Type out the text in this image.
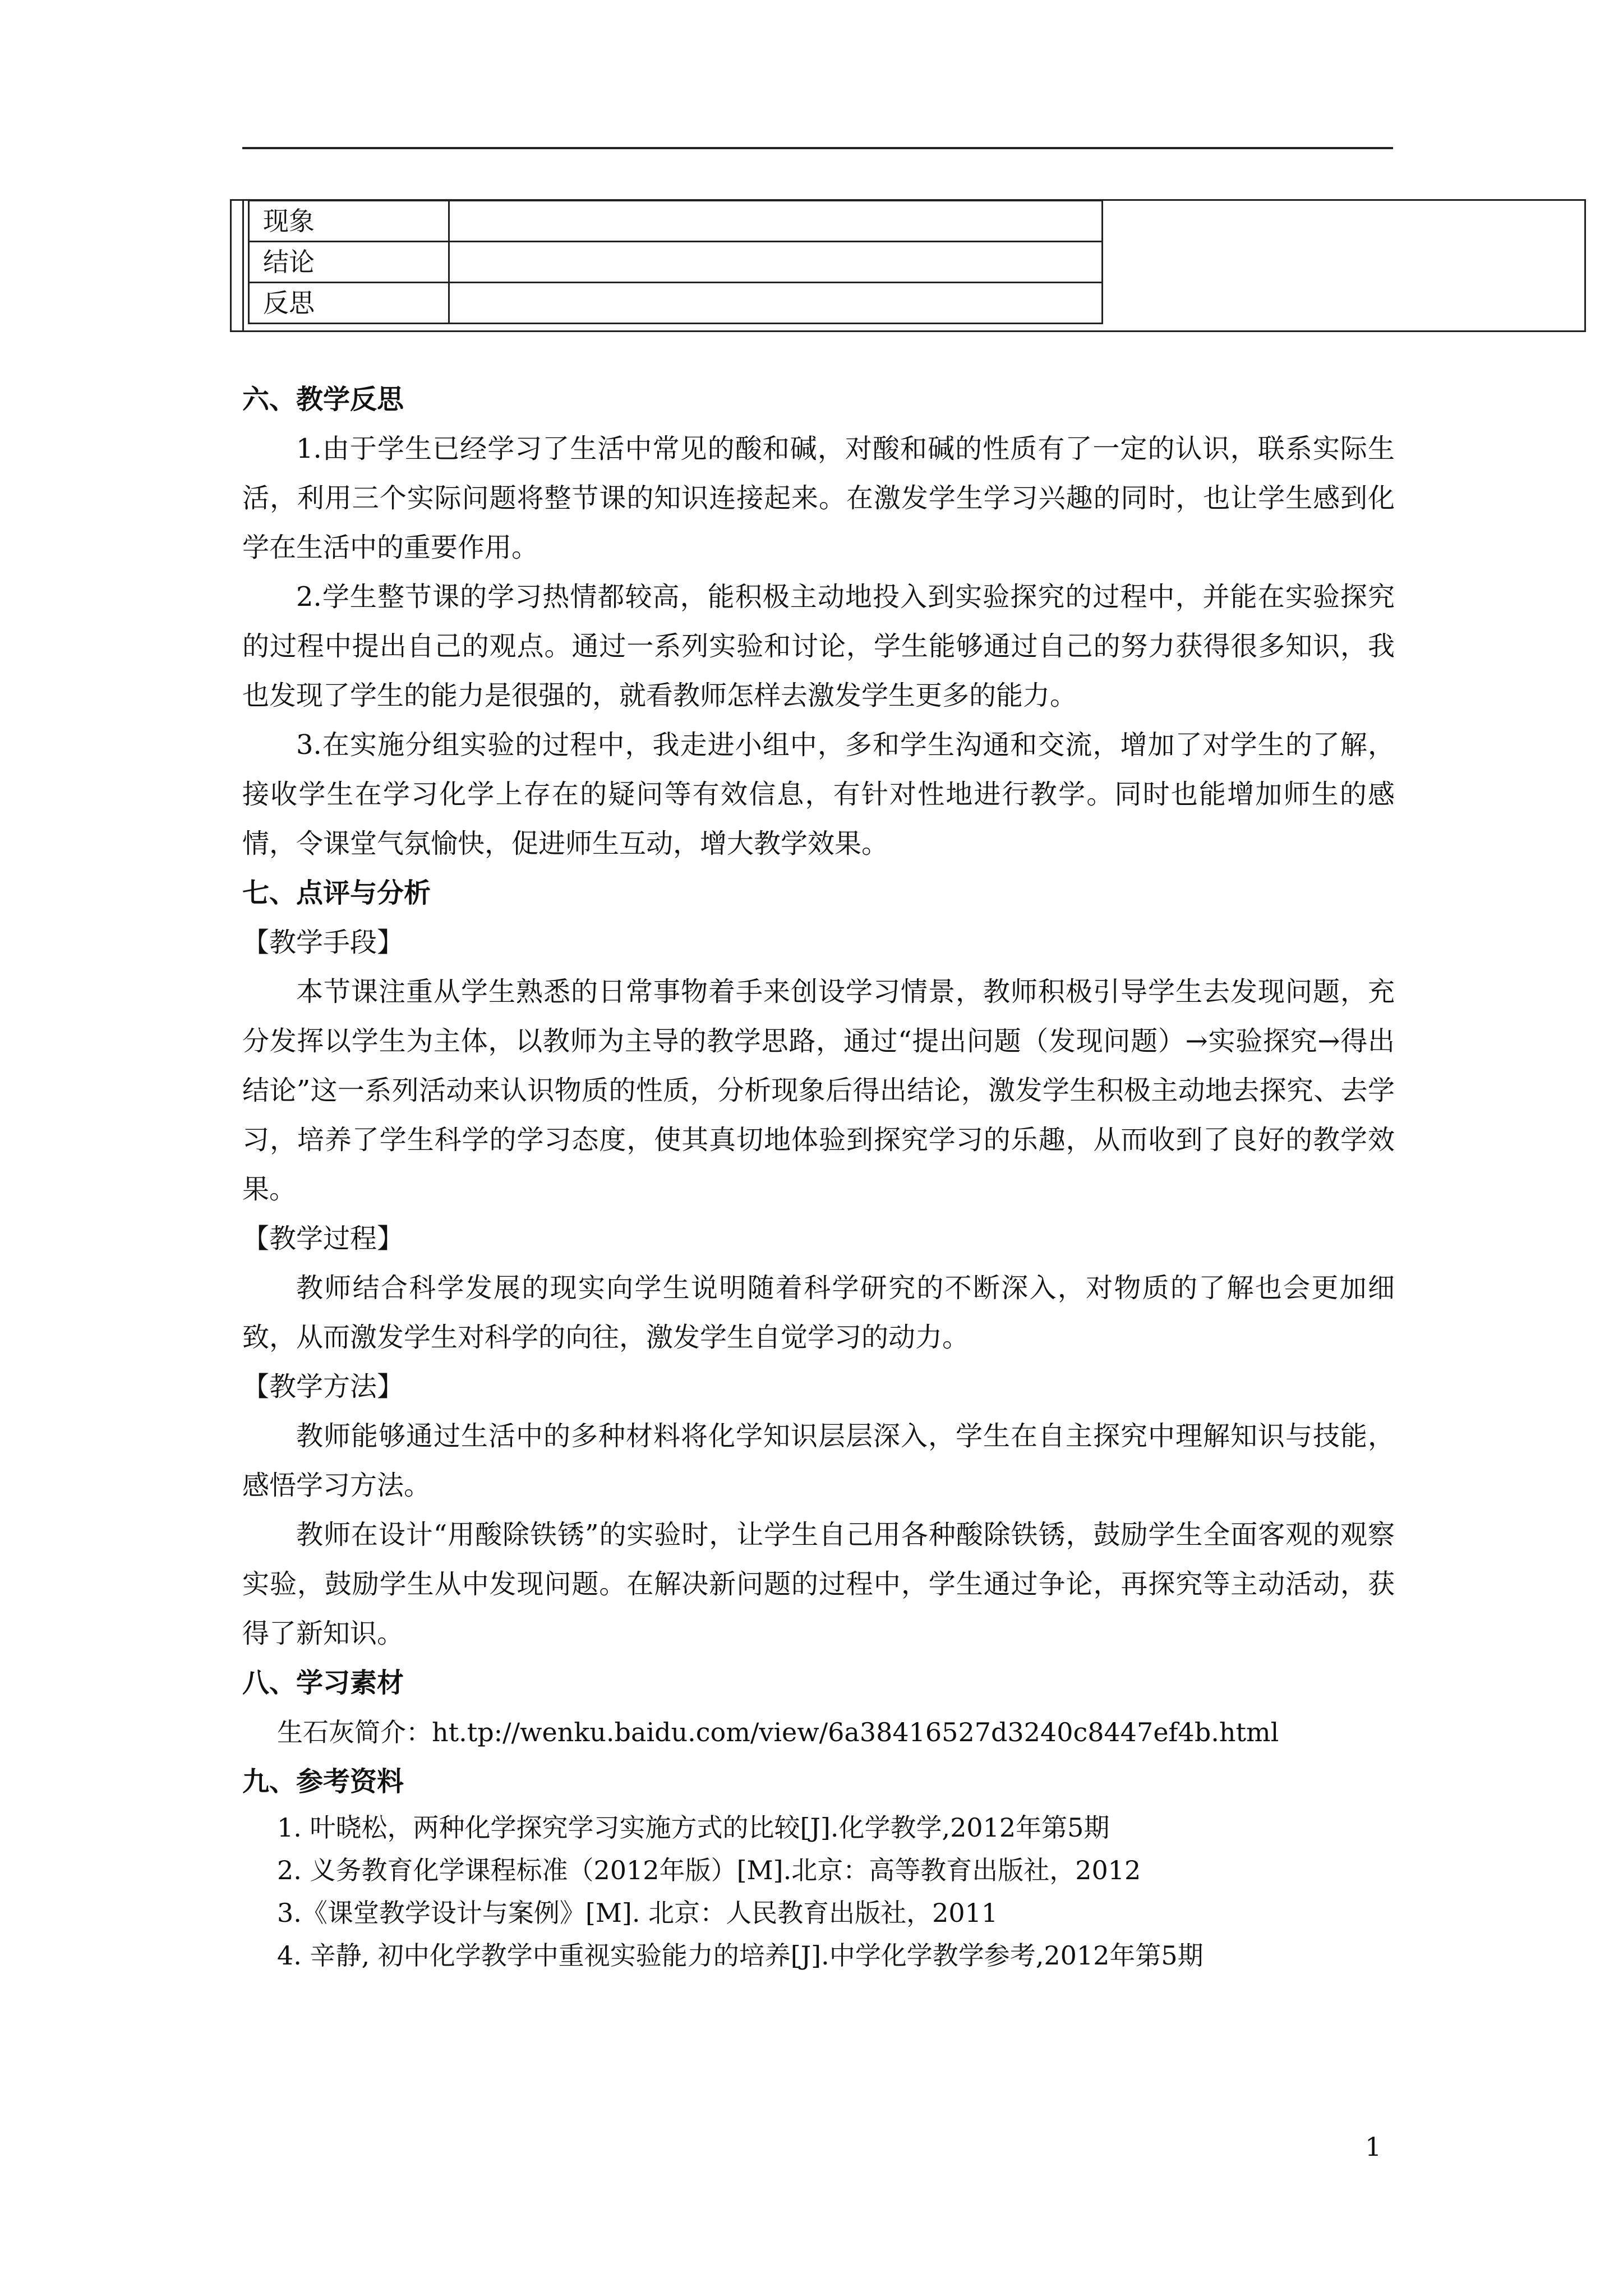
现象	
结论	
反思	

六、教学反思

1.由于学生已经学习了生活中常见的酸和碱，对酸和碱的性质有了一定的认识，联系实际生活，利用三个实际问题将整节课的知识连接起来。在激发学生学习兴趣的同时，也让学生感到化学在生活中的重要作用。

2.学生整节课的学习热情都较高，能积极主动地投入到实验探究的过程中，并能在实验探究的过程中提出自己的观点。通过一系列实验和讨论，学生能够通过自己的努力获得很多知识，我也发现了学生的能力是很强的，就看教师怎样去激发学生更多的能力。

3.在实施分组实验的过程中，我走进小组中，多和学生沟通和交流，增加了对学生的了解，接收学生在学习化学上存在的疑问等有效信息，有针对性地进行教学。同时也能增加师生的感情，令课堂气氛愉快，促进师生互动，增大教学效果。

七、点评与分析

【教学手段】

本节课注重从学生熟悉的日常事物着手来创设学习情景，教师积极引导学生去发现问题，充分发挥以学生为主体，以教师为主导的教学思路，通过“提出问题（发现问题）→实验探究→得出结论”这一系列活动来认识物质的性质，分析现象后得出结论，激发学生积极主动地去探究、去学习，培养了学生科学的学习态度，使其真切地体验到探究学习的乐趣，从而收到了良好的教学效果。

【教学过程】

教师结合科学发展的现实向学生说明随着科学研究的不断深入，对物质的了解也会更加细致，从而激发学生对科学的向往，激发学生自觉学习的动力。

【教学方法】

教师能够通过生活中的多种材料将化学知识层层深入，学生在自主探究中理解知识与技能，感悟学习方法。

教师在设计“用酸除铁锈”的实验时，让学生自己用各种酸除铁锈，鼓励学生全面客观的观察实验，鼓励学生从中发现问题。在解决新问题的过程中，学生通过争论，再探究等主动活动，获得了新知识。

八、学习素材

生石灰简介：ht.tp://wenku.baidu.com/view/6a38416527d3240c8447ef4b.html

九、参考资料

1. 叶晓松，两种化学探究学习实施方式的比较[J].化学教学,2012年第5期

2. 义务教育化学课程标准（2012年版）[M].北京：高等教育出版社，2012

3.《课堂教学设计与案例》[M]. 北京：人民教育出版社，2011

4. 辛静, 初中化学教学中重视实验能力的培养[J].中学化学教学参考,2012年第5期

1
